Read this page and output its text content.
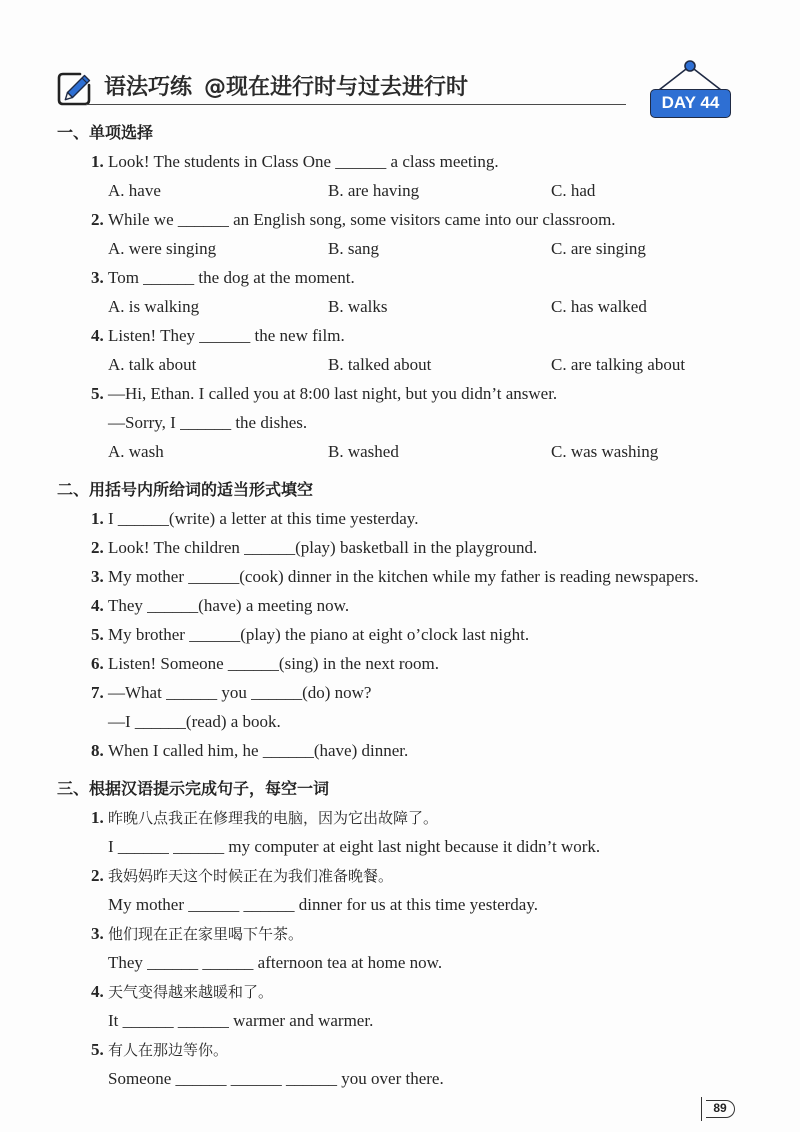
语法巧练 @现在进行时与过去进行时
DAY 44
一、单项选择
1. Look! The students in Class One ______ a class meeting.
A. have	B. are having	C. had
2. While we ______ an English song, some visitors came into our classroom.
A. were singing	B. sang	C. are singing
3. Tom ______ the dog at the moment.
A. is walking	B. walks	C. has walked
4. Listen! They ______ the new film.
A. talk about	B. talked about	C. are talking about
5. —Hi, Ethan. I called you at 8:00 last night, but you didn’t answer.
—Sorry, I ______ the dishes.
A. wash	B. washed	C. was washing
二、用括号内所给词的适当形式填空
1. I ______(write) a letter at this time yesterday.
2. Look! The children ______(play) basketball in the playground.
3. My mother ______(cook) dinner in the kitchen while my father is reading newspapers.
4. They ______(have) a meeting now.
5. My brother ______(play) the piano at eight o’clock last night.
6. Listen! Someone ______(sing) in the next room.
7. —What ______ you ______(do) now?
—I ______(read) a book.
8. When I called him, he ______(have) dinner.
三、根据汉语提示完成句子，每空一词
1. 昨晚八点我正在修理我的电脑，因为它出故障了。
I ______ ______ my computer at eight last night because it didn’t work.
2. 我妈妈昨天这个时候正在为我们准备晚餐。
My mother ______ ______ dinner for us at this time yesterday.
3. 他们现在正在家里喝下午茶。
They ______ ______ afternoon tea at home now.
4. 天气变得越来越暖和了。
It ______ ______ warmer and warmer.
5. 有人在那边等你。
Someone ______ ______ ______ you over there.
89
